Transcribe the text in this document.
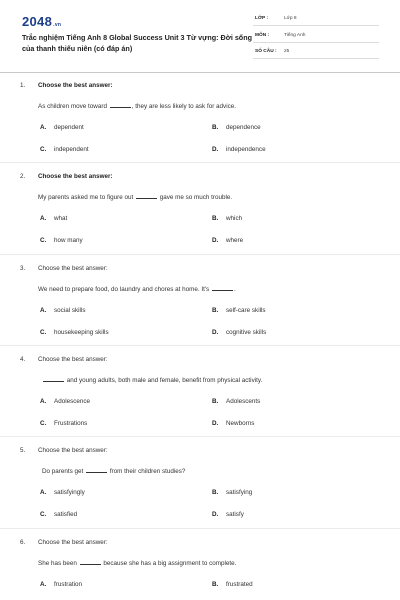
2048.vn
Trắc nghiệm Tiếng Anh 8 Global Success Unit 3 Từ vựng: Đời sống của thanh thiếu niên (có đáp án)
LỚP :	Lớp 8
MÔN :	Tiếng Anh
SỐ CÂU : 25
1. Choose the best answer:
As children move toward	, they are less likely to ask for advice.
A. dependent	B. dependence
C. independent	D. independence
2. Choose the best answer:
My parents asked me to figure out	gave me so much trouble.
A. what	B. which
C. how many	D. where
3. Choose the best answer:
We need to prepare food, do laundry and chores at home. It's	.
A. social skills	B. self-care skills
C. housekeeping skills	D. cognitive skills
4. Choose the best answer:
and young adults, both male and female, benefit from physical activity.
A. Adolescence	B. Adolescents
C. Frustrations	D. Newborns
5. Choose the best answer:
Do parents get	from their children studies?
A. satisfyingly	B. satisfying
C. satisfied	D. satisfy
6. Choose the best answer:
She has been	because she has a big assignment to complete.
A. frustration	B. frustrated
